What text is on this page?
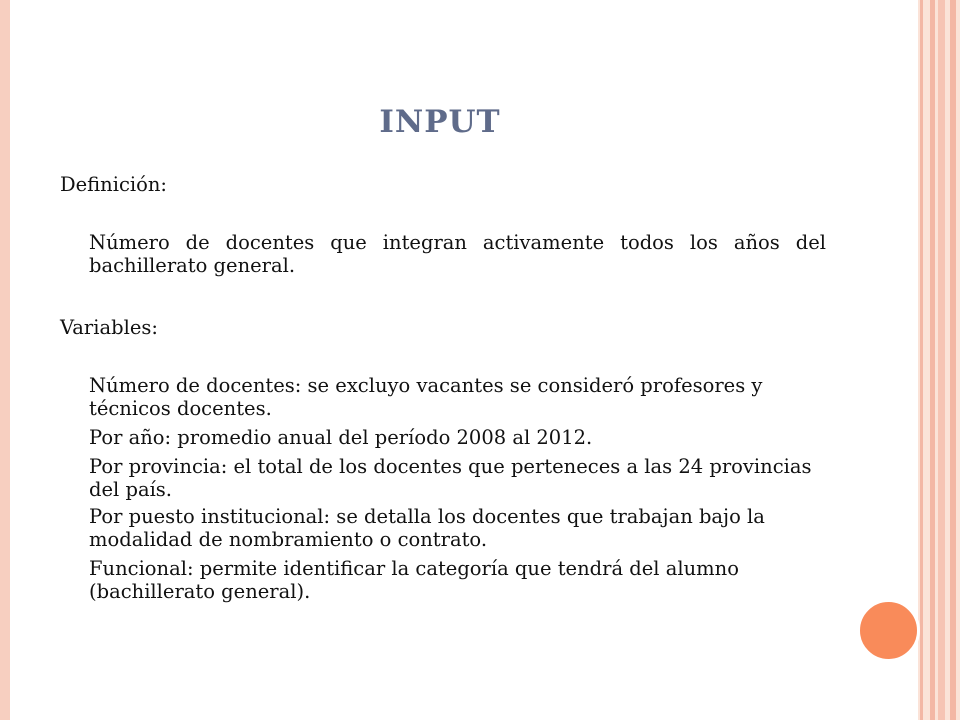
INPUT

Definición:

Número de docentes que integran activamente todos los años del bachillerato general.

Variables:

Número de docentes: se excluyo vacantes se consideró profesores y técnicos docentes.

Por año: promedio anual del período 2008 al 2012.

Por provincia: el total de los docentes que perteneces a las 24 provincias del país.

Por puesto institucional: se detalla los docentes que trabajan bajo la modalidad de nombramiento o contrato.

Funcional: permite identificar la categoría que tendrá del alumno (bachillerato general).
